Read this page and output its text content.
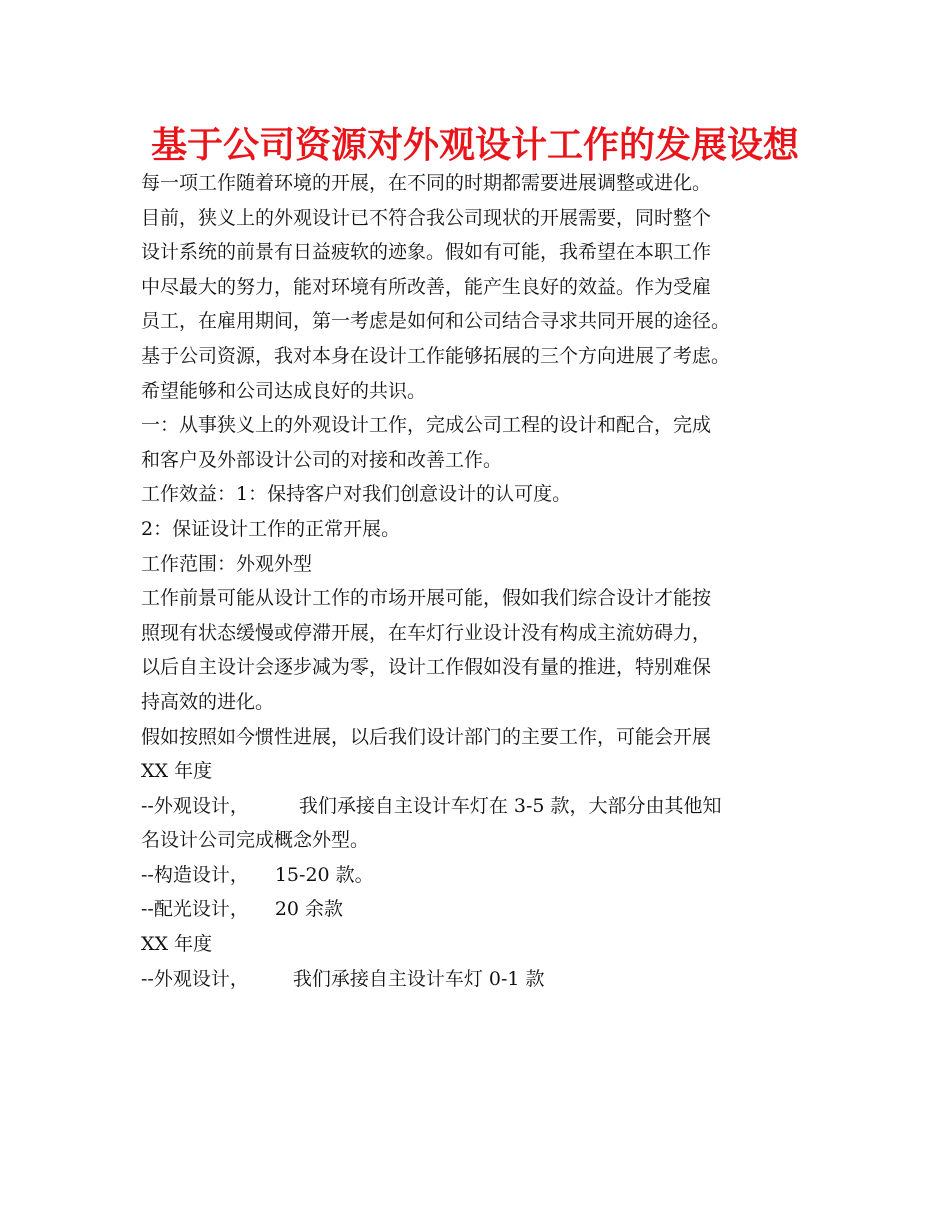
基于公司资源对外观设计工作的发展设想
每一项工作随着环境的开展，在不同的时期都需要进展调整或进化。
目前，狭义上的外观设计已不符合我公司现状的开展需要，同时整个
设计系统的前景有日益疲软的迹象。假如有可能，我希望在本职工作
中尽最大的努力，能对环境有所改善，能产生良好的效益。作为受雇
员工，在雇用期间，第一考虑是如何和公司结合寻求共同开展的途径。
基于公司资源，我对本身在设计工作能够拓展的三个方向进展了考虑。
希望能够和公司达成良好的共识。
一：从事狭义上的外观设计工作，完成公司工程的设计和配合，完成
和客户及外部设计公司的对接和改善工作。
工作效益：1：保持客户对我们创意设计的认可度。
2：保证设计工作的正常开展。
工作范围：外观外型
工作前景可能从设计工作的市场开展可能，假如我们综合设计才能按
照现有状态缓慢或停滞开展，在车灯行业设计没有构成主流妨碍力，
以后自主设计会逐步减为零，设计工作假如没有量的推进，特别难保
持高效的进化。
假如按照如今惯性进展，以后我们设计部门的主要工作，可能会开展
XX 年度
--外观设计，	我们承接自主设计车灯在 3-5 款，大部分由其他知
名设计公司完成概念外型。
--构造设计， 15-20 款。
--配光设计， 20 余款
XX 年度
--外观设计， 我们承接自主设计车灯 0-1 款
